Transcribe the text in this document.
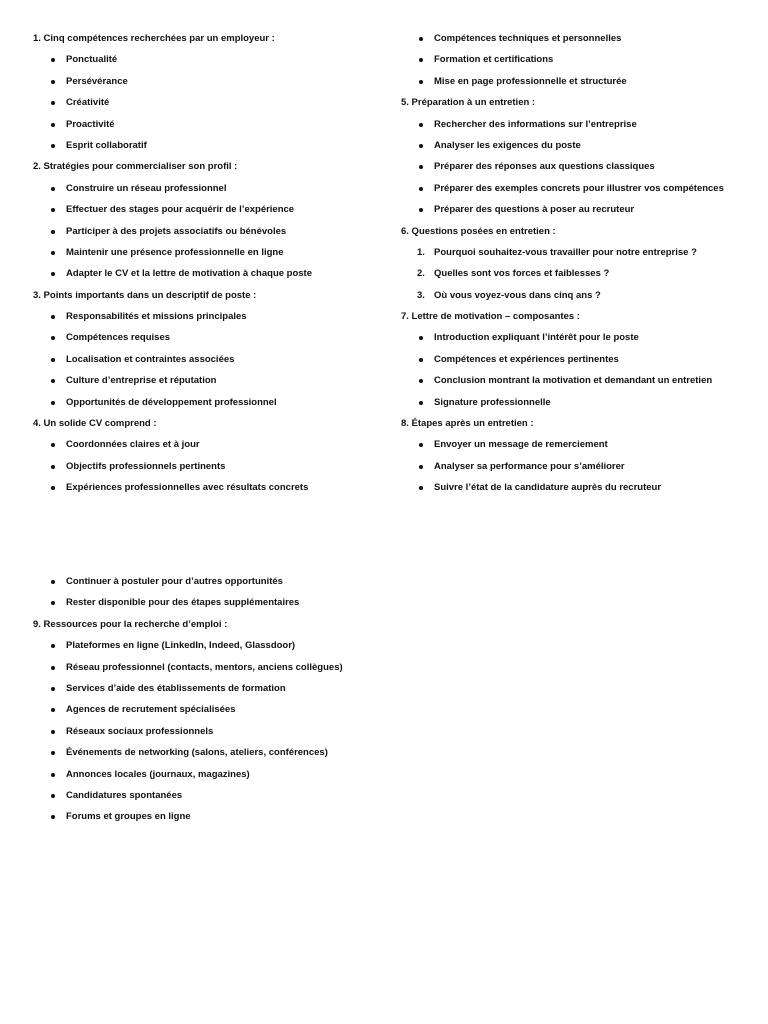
1. Cinq compétences recherchées par un employeur :
Ponctualité
Persévérance
Créativité
Proactivité
Esprit collaboratif
2. Stratégies pour commercialiser son profil :
Construire un réseau professionnel
Effectuer des stages pour acquérir de l’expérience
Participer à des projets associatifs ou bénévoles
Maintenir une présence professionnelle en ligne
Adapter le CV et la lettre de motivation à chaque poste
3. Points importants dans un descriptif de poste :
Responsabilités et missions principales
Compétences requises
Localisation et contraintes associées
Culture d’entreprise et réputation
Opportunités de développement professionnel
4. Un solide CV comprend :
Coordonnées claires et à jour
Objectifs professionnels pertinents
Expériences professionnelles avec résultats concrets
Compétences techniques et personnelles
Formation et certifications
Mise en page professionnelle et structurée
5. Préparation à un entretien :
Rechercher des informations sur l’entreprise
Analyser les exigences du poste
Préparer des réponses aux questions classiques
Préparer des exemples concrets pour illustrer vos compétences
Préparer des questions à poser au recruteur
6. Questions posées en entretien :
1. Pourquoi souhaitez-vous travailler pour notre entreprise ?
2. Quelles sont vos forces et faiblesses ?
3. Où vous voyez-vous dans cinq ans ?
7. Lettre de motivation – composantes :
Introduction expliquant l’intérêt pour le poste
Compétences et expériences pertinentes
Conclusion montrant la motivation et demandant un entretien
Signature professionnelle
8. Étapes après un entretien :
Envoyer un message de remerciement
Analyser sa performance pour s’améliorer
Suivre l’état de la candidature auprès du recruteur
Continuer à postuler pour d’autres opportunités
Rester disponible pour des étapes supplémentaires
9. Ressources pour la recherche d’emploi :
Plateformes en ligne (LinkedIn, Indeed, Glassdoor)
Réseau professionnel (contacts, mentors, anciens collègues)
Services d’aide des établissements de formation
Agences de recrutement spécialisées
Réseaux sociaux professionnels
Événements de networking (salons, ateliers, conférences)
Annonces locales (journaux, magazines)
Candidatures spontanées
Forums et groupes en ligne
